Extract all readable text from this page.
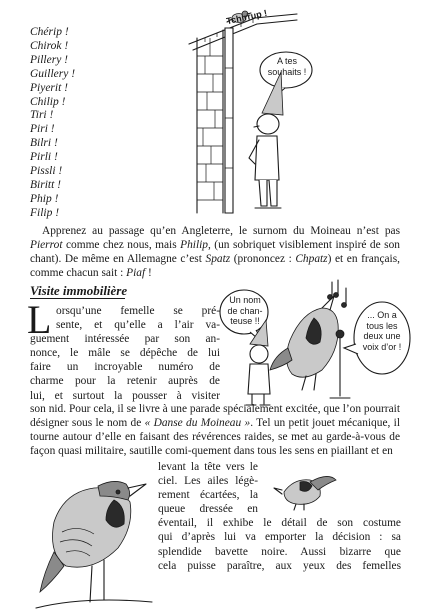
Chérip !
Chirok !
Pillery !
Guillery !
Piyerit !
Chilip !
Tiri !
Piri !
Bilri !
Pirli !
Pissli !
Biritt !
Phip !
Filip !
Tchirrup !
A tes souhaits !

Apprenez au passage qu’en Angleterre, le surnom du Moineau n’est pas Pierrot comme chez nous, mais Philip, (un sobriquet visiblement inspiré de son chant). De même en Allemagne c’est Spatz (prononcez : Chpatz) et en français, comme chacun sait : Piaf !

Visite immobilière
L orsqu’une femelle se pré-
sente, et qu’elle a l’air va-
guement intéressée par son an-
nonce, le mâle se dépêche de lui
faire un incroyable numéro de
charme pour la retenir auprès de
lui, et surtout la pousser à visiter
Un nom de chan-teuse !!
... On a tous les deux une voix d’or !

son nid. Pour cela, il se livre à une parade spécialement excitée, que l’on pourrait désigner sous le nom de « Danse du Moineau ». Tel un petit jouet mécanique, il tourne autour d’elle en faisant des révérences raides, se met au garde-à-vous de façon quasi militaire, sautille comi-quement dans tous les sens en piaillant et en

levant la tête vers le
ciel. Les ailes légè-
rement écartées, la
queue dressée en
éventail, il exhibe le détail de son costume
qui d’après lui va emporter la décision : sa
splendide bavette noire. Aussi bizarre que
cela puisse paraître, aux yeux des femelles
